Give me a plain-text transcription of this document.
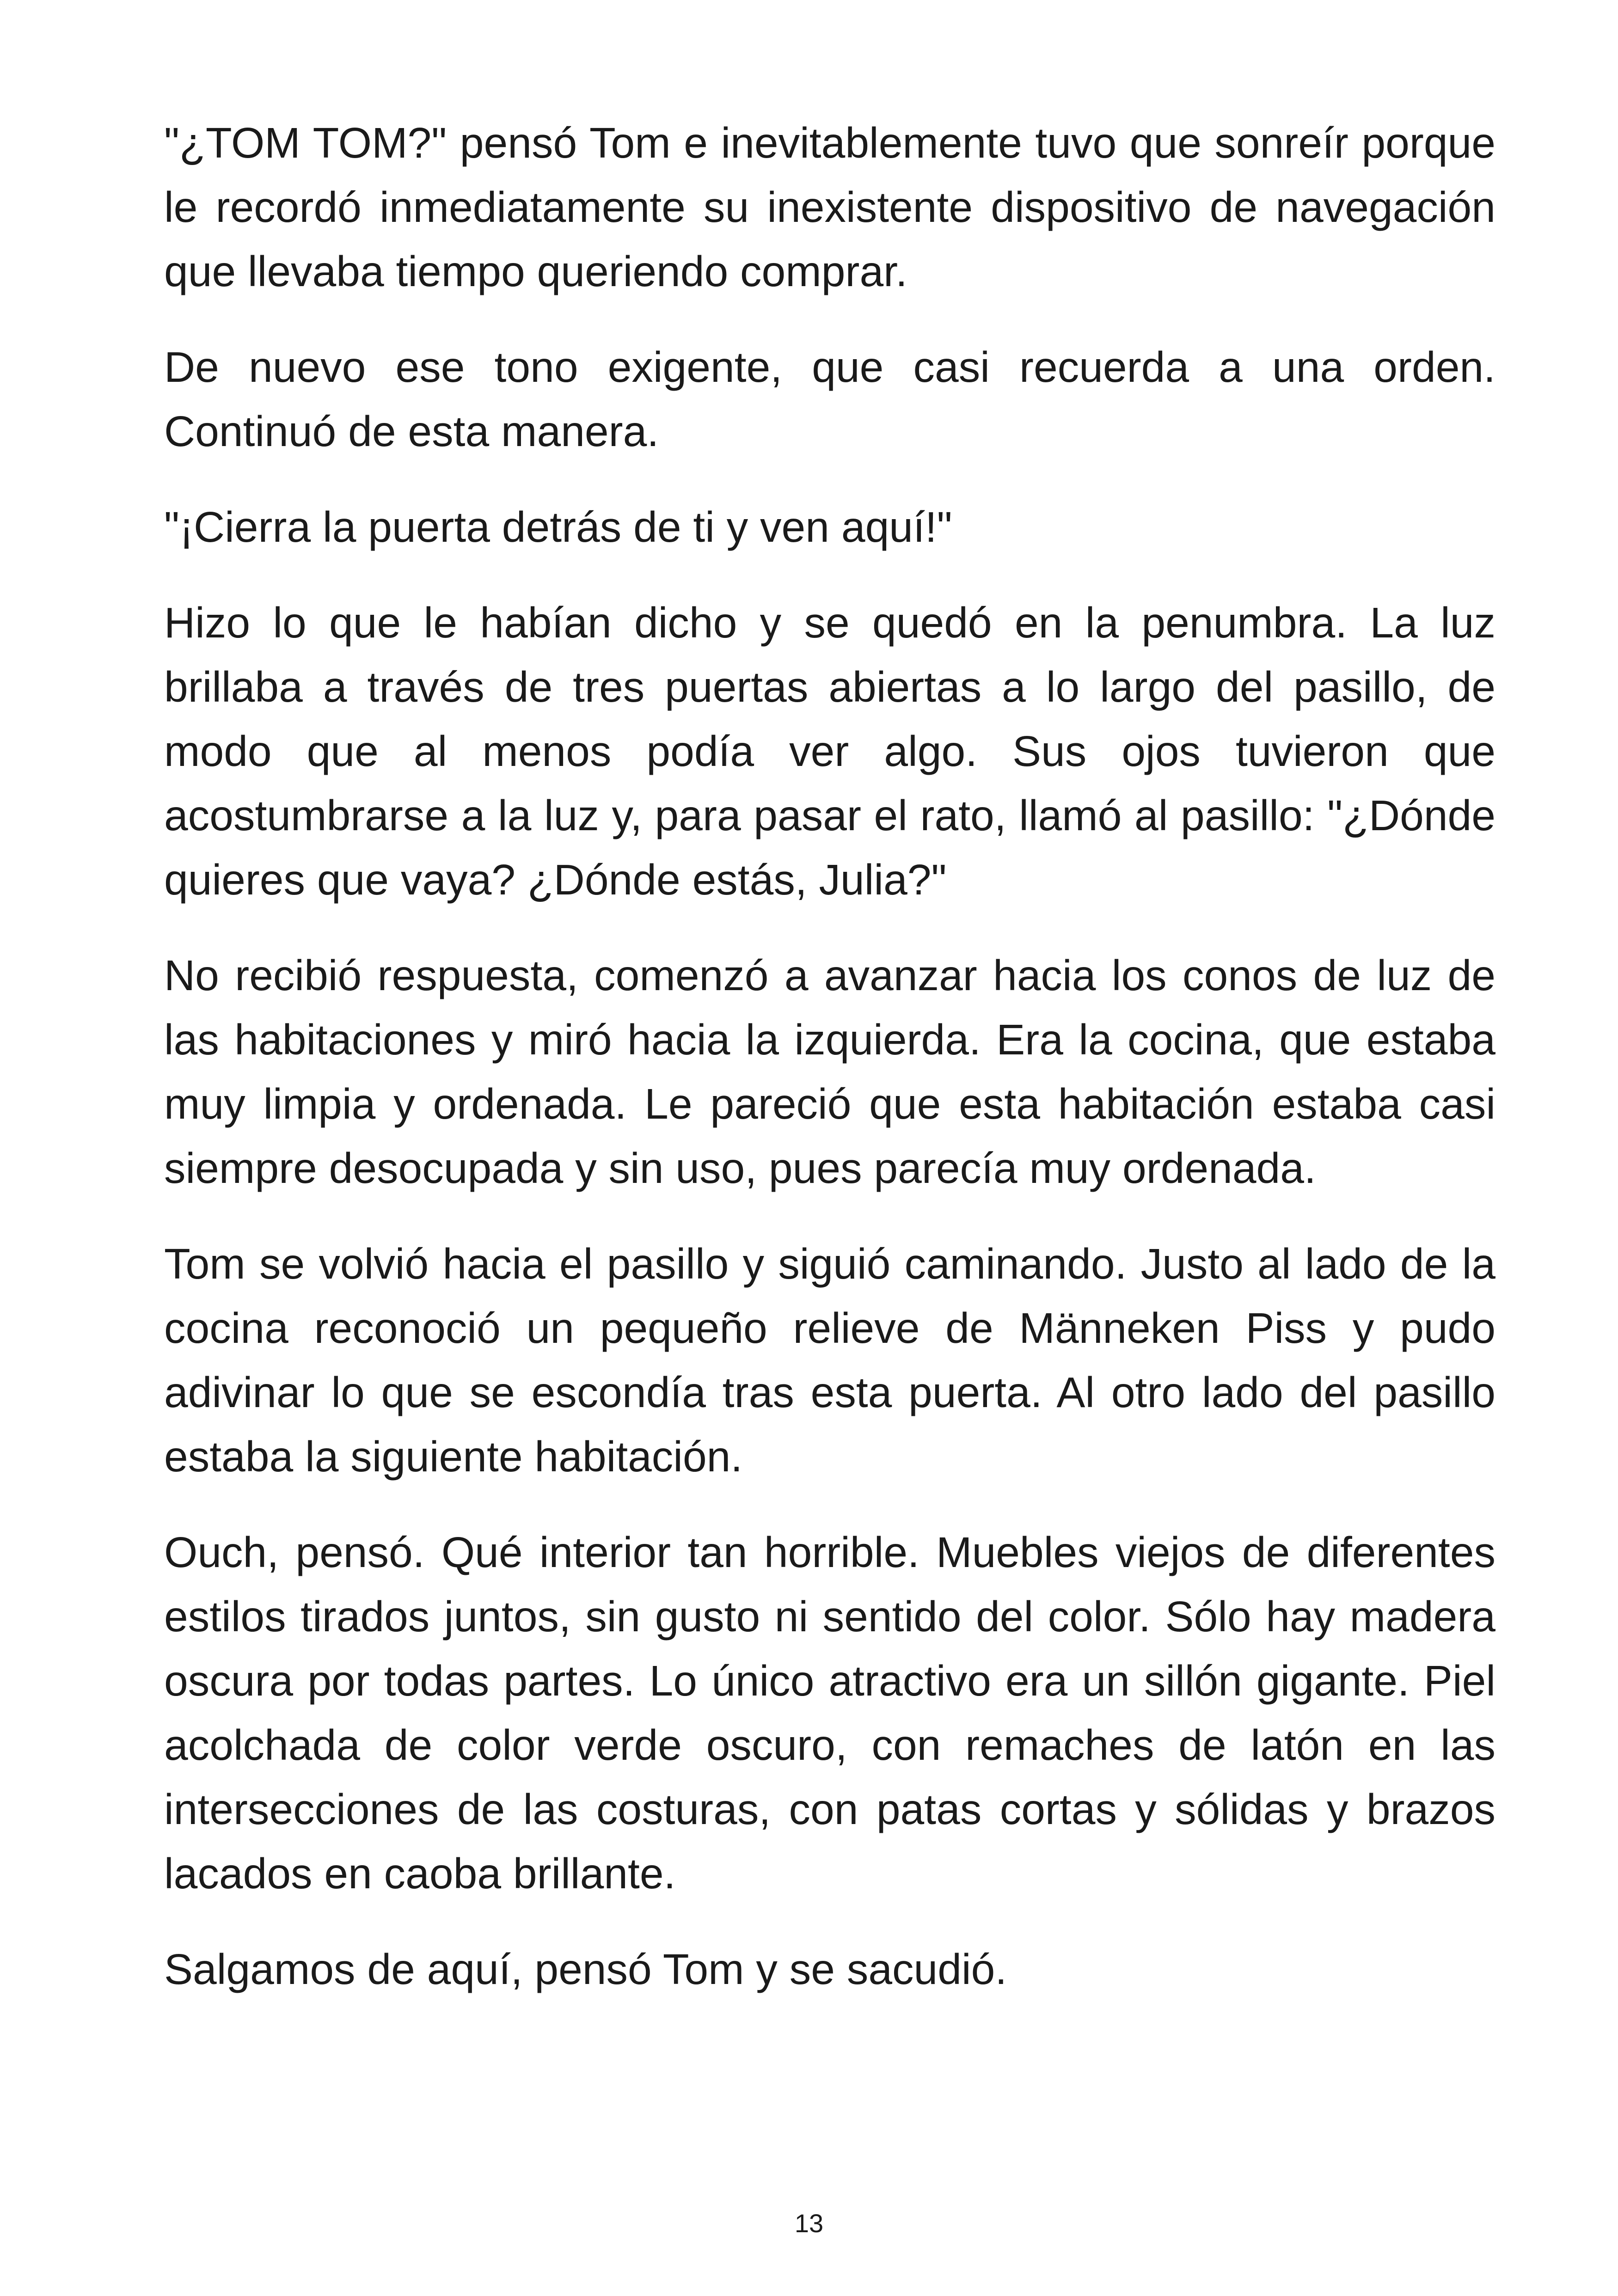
"¿TOM TOM?" pensó Tom e inevitablemente tuvo que sonreír porque le recordó inmediatamente su inexistente dispositivo de navegación que llevaba tiempo queriendo comprar.

De nuevo ese tono exigente, que casi recuerda a una orden. Continuó de esta manera.

"¡Cierra la puerta detrás de ti y ven aquí!"

Hizo lo que le habían dicho y se quedó en la penumbra. La luz brillaba a través de tres puertas abiertas a lo largo del pasillo, de modo que al menos podía ver algo. Sus ojos tuvieron que acostumbrarse a la luz y, para pasar el rato, llamó al pasillo: "¿Dónde quieres que vaya? ¿Dónde estás, Julia?"

No recibió respuesta, comenzó a avanzar hacia los conos de luz de las habitaciones y miró hacia la izquierda. Era la cocina, que estaba muy limpia y ordenada. Le pareció que esta habitación estaba casi siempre desocupada y sin uso, pues parecía muy ordenada.

Tom se volvió hacia el pasillo y siguió caminando. Justo al lado de la cocina reconoció un pequeño relieve de Männeken Piss y pudo adivinar lo que se escondía tras esta puerta. Al otro lado del pasillo estaba la siguiente habitación.

Ouch, pensó. Qué interior tan horrible. Muebles viejos de diferentes estilos tirados juntos, sin gusto ni sentido del color. Sólo hay madera oscura por todas partes. Lo único atractivo era un sillón gigante. Piel acolchada de color verde oscuro, con remaches de latón en las intersecciones de las costuras, con patas cortas y sólidas y brazos lacados en caoba brillante.

Salgamos de aquí, pensó Tom y se sacudió.

13
